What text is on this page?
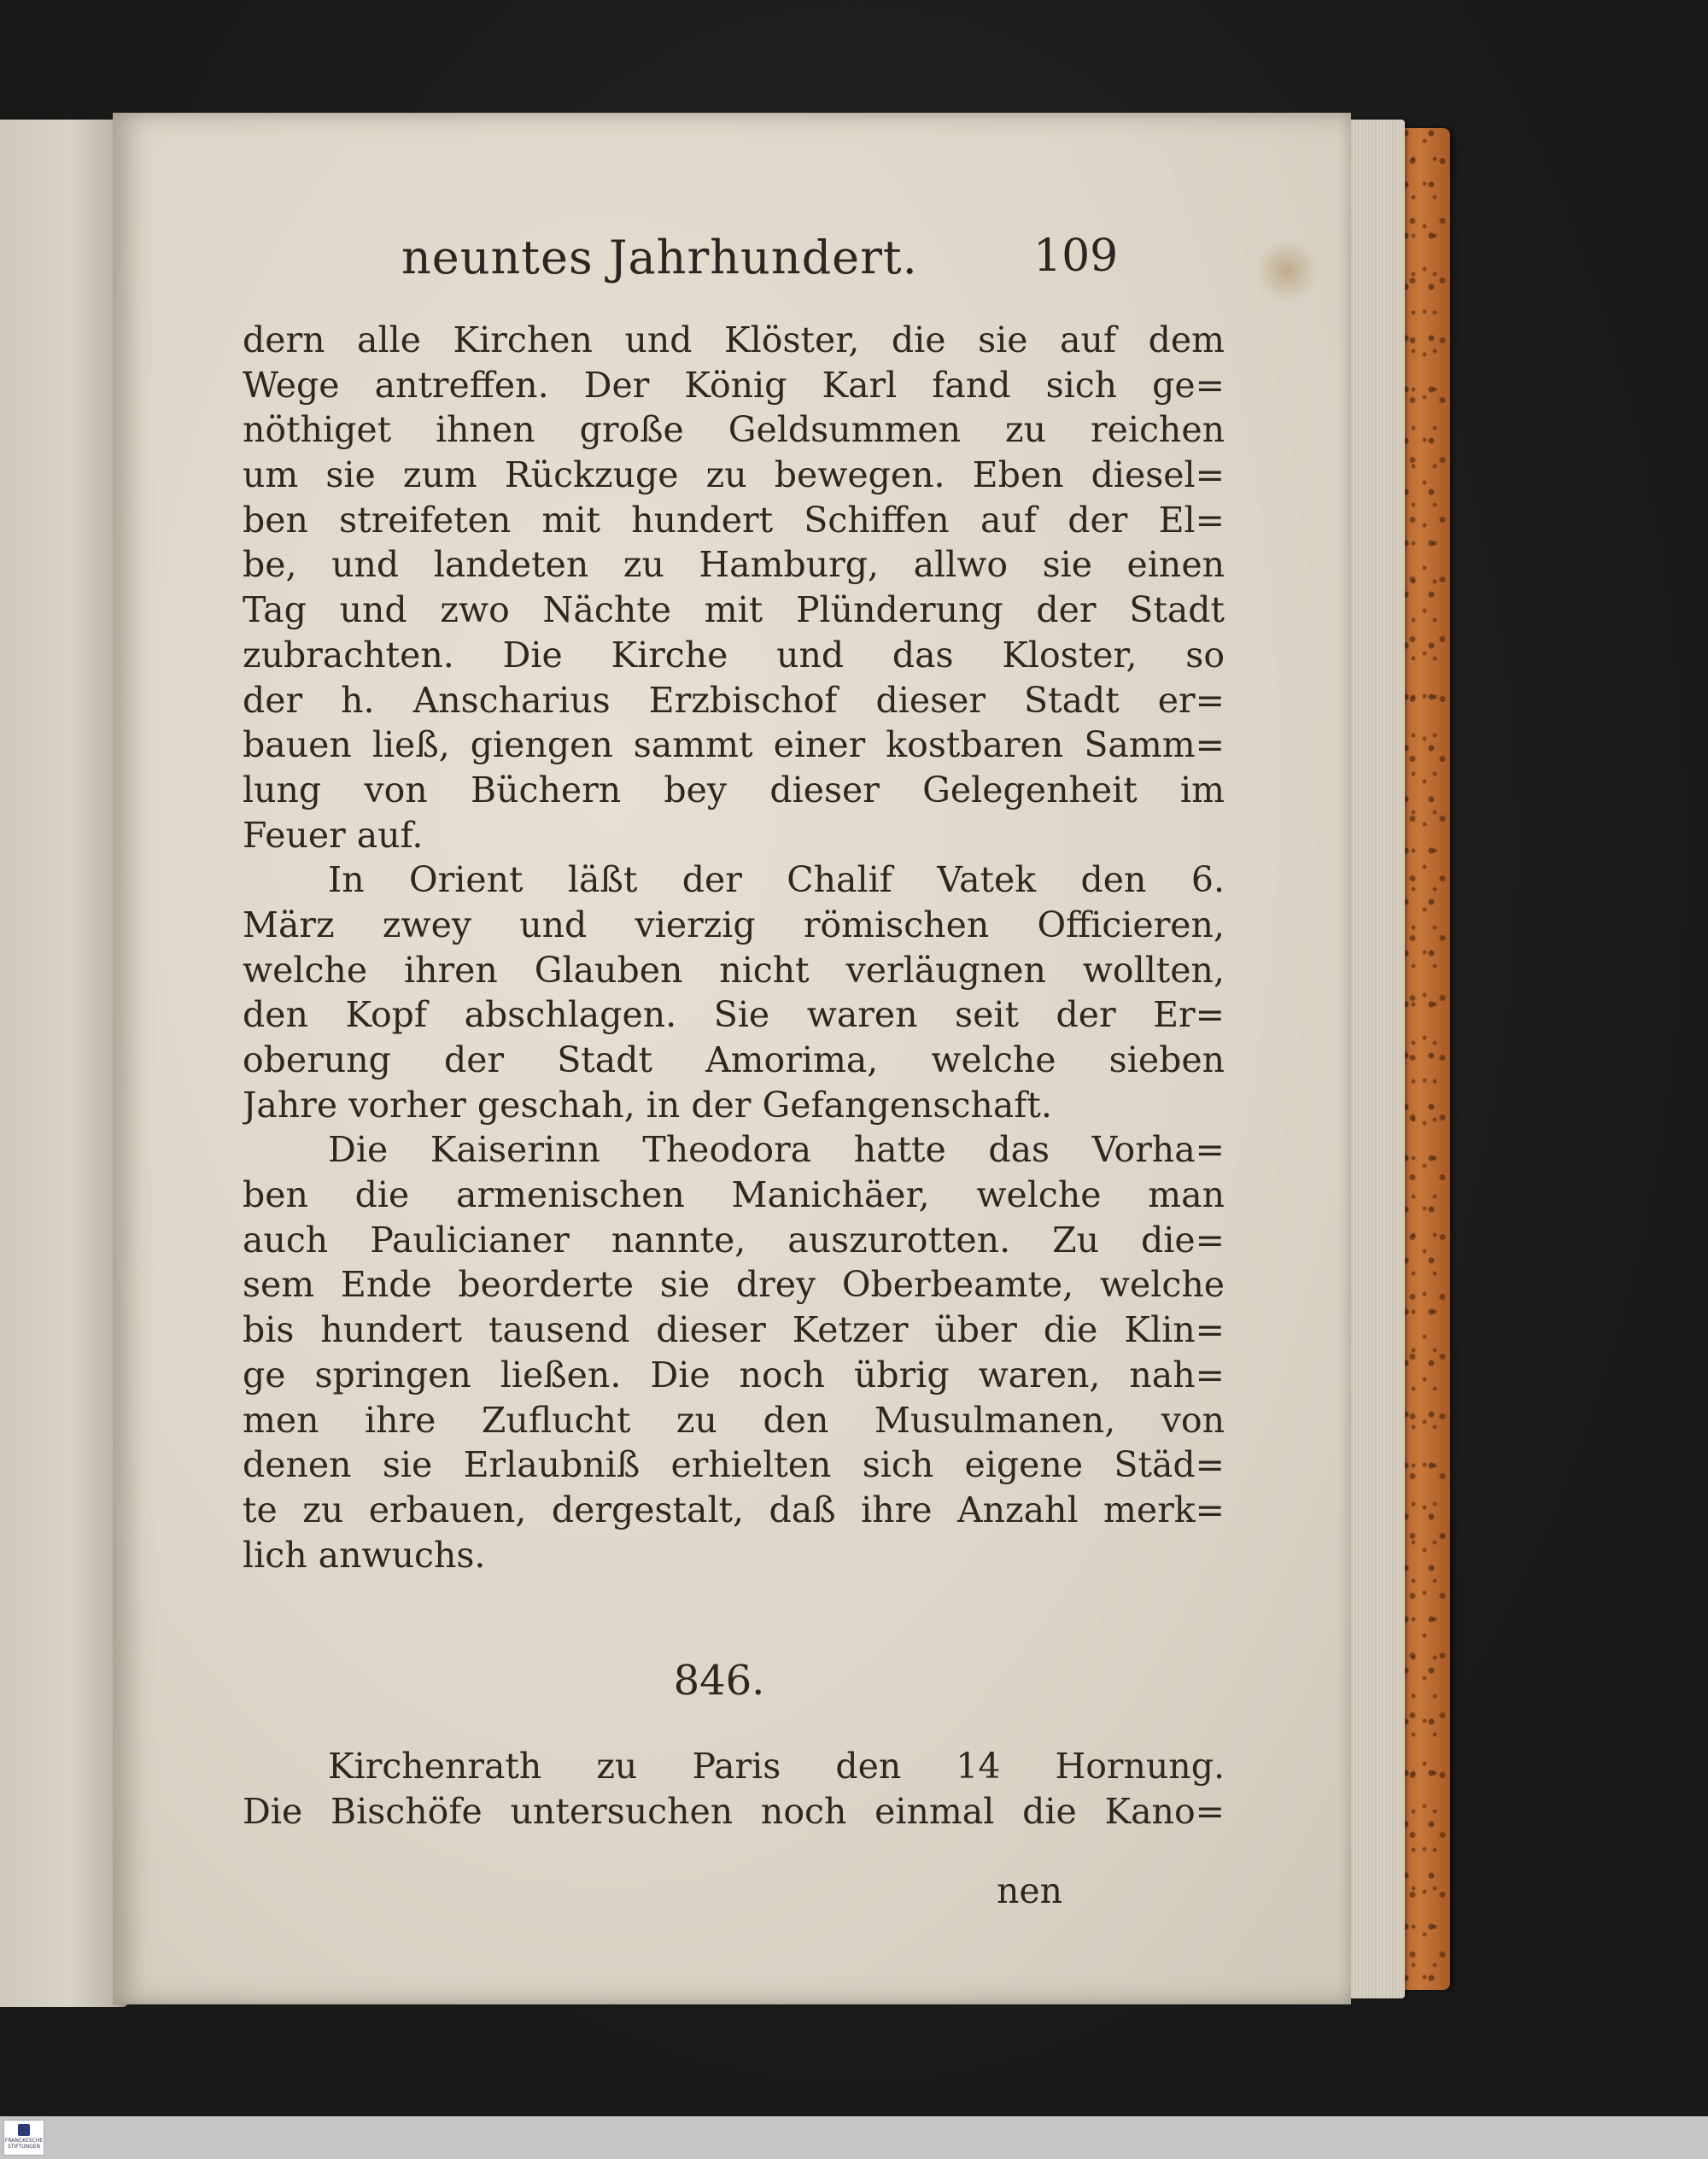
neuntes Jahrhundert.	109
dern alle Kirchen und Klöster, die sie auf dem
Wege antreffen. Der König Karl fand sich ge=
nöthiget ihnen große Geldsummen zu reichen
um sie zum Rückzuge zu bewegen. Eben diesel=
ben streifeten mit hundert Schiffen auf der El=
be, und landeten zu Hamburg, allwo sie einen
Tag und zwo Nächte mit Plünderung der Stadt
zubrachten. Die Kirche und das Kloster, so
der h. Anscharius Erzbischof dieser Stadt er=
bauen ließ, giengen sammt einer kostbaren Samm=
lung von Büchern bey dieser Gelegenheit im
Feuer auf.
In Orient läßt der Chalif Vatek den 6.
März zwey und vierzig römischen Officieren,
welche ihren Glauben nicht verläugnen wollten,
den Kopf abschlagen. Sie waren seit der Er=
oberung der Stadt Amorima, welche sieben
Jahre vorher geschah, in der Gefangenschaft.
Die Kaiserinn Theodora hatte das Vorha=
ben die armenischen Manichäer, welche man
auch Paulicianer nannte, auszurotten. Zu die=
sem Ende beorderte sie drey Oberbeamte, welche
bis hundert tausend dieser Ketzer über die Klin=
ge springen ließen. Die noch übrig waren, nah=
men ihre Zuflucht zu den Musulmanen, von
denen sie Erlaubniß erhielten sich eigene Städ=
te zu erbauen, dergestalt, daß ihre Anzahl merk=
lich anwuchs.
846.
Kirchenrath zu Paris den 14 Hornung.
Die Bischöfe untersuchen noch einmal die Kano=
nen
FRANCKESCHE STIFTUNGEN
